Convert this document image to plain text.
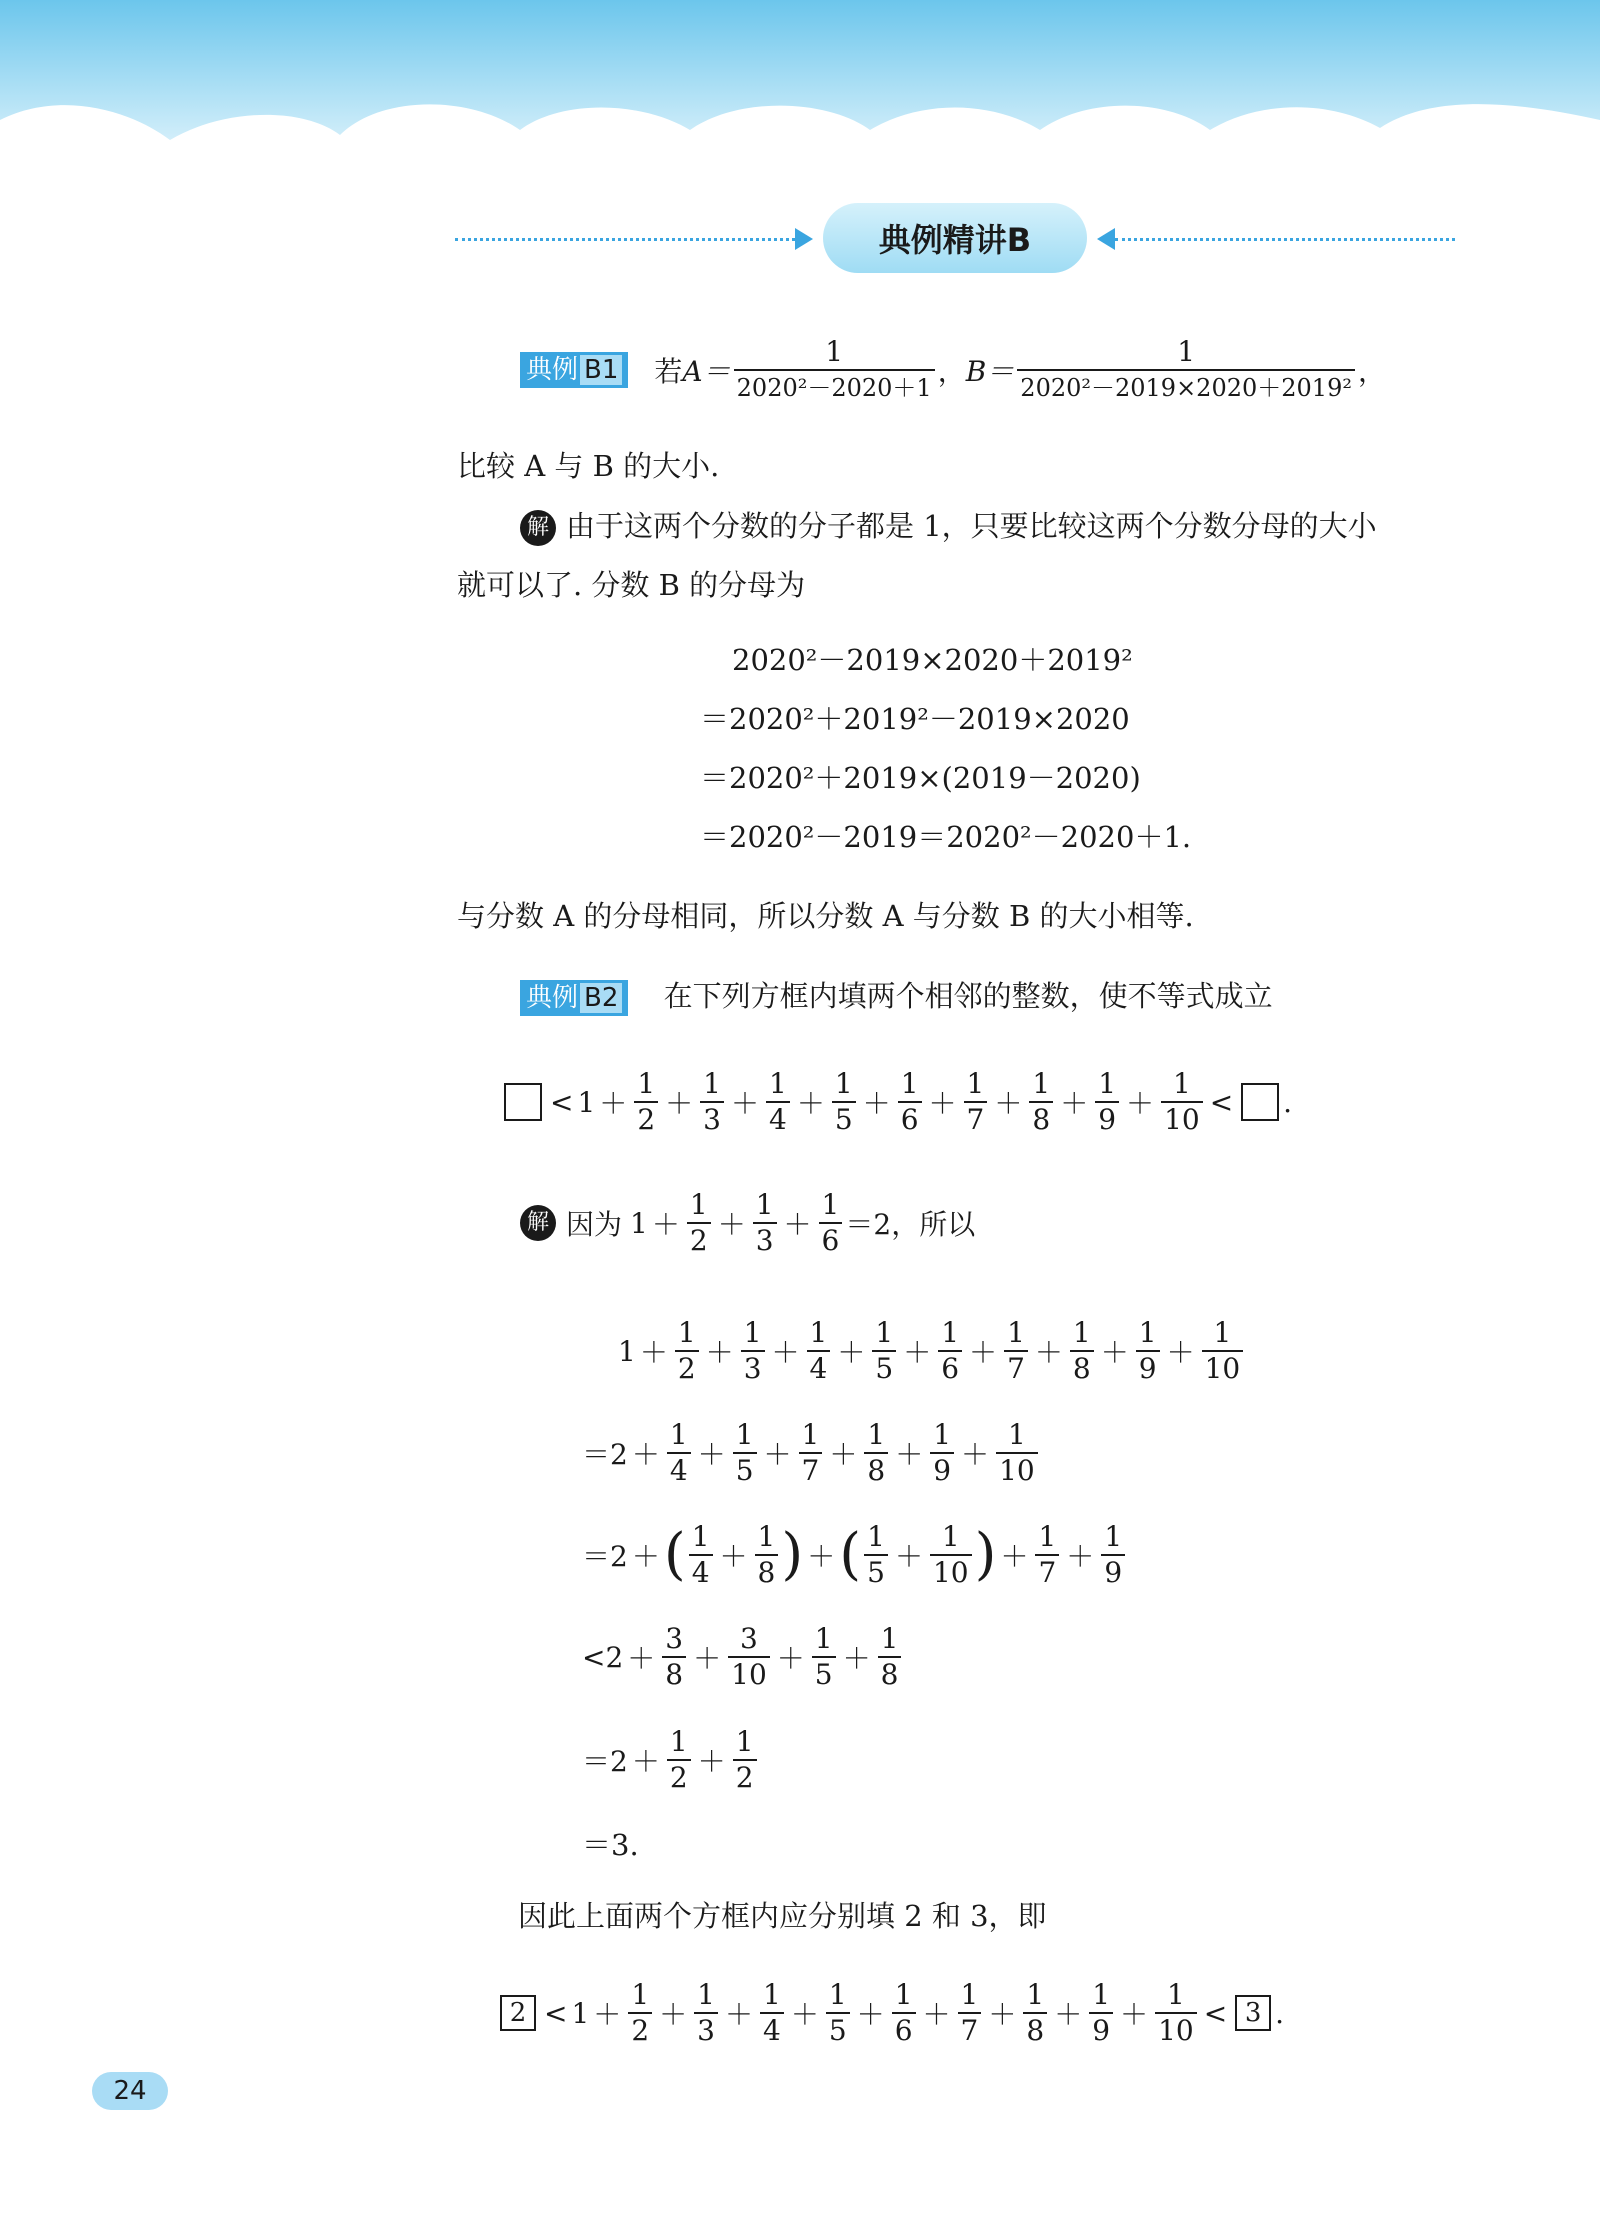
典例精讲B
典例 B1	若 $A= \frac{1}{\text{2020²－2020＋1}}$ ， $B= \frac{1}{\text{2020²－2019×2020＋2019²}}$ ，
比较 A 与 B 的大小.
解 由于这两个分数的分子都是 1，只要比较这两个分数分母的大小
就可以了. 分数 B 的分母为
2020²－2019×2020＋2019²
＝2020²＋2019²－2019×2020
＝2020²＋2019×(2019－2020)
＝2020²－2019＝2020²－2020＋1.
与分数 A 的分母相同，所以分数 A 与分数 B 的大小相等.
典例 B2 在下列方框内填两个相邻的整数，使不等式成立
< $1 + \frac{1}{2} + \frac{1}{3} + \frac{1}{4} + \frac{1}{5} + \frac{1}{6} + \frac{1}{7} + \frac{1}{8} + \frac{1}{9} + \frac{1}{10}$ < .
解 因为 $1 + \frac{1}{2} + \frac{1}{3} + \frac{1}{6} =2$，所以
$1 + \frac{1}{2} + \frac{1}{3} + \frac{1}{4} + \frac{1}{5} + \frac{1}{6} + \frac{1}{7} + \frac{1}{8} + \frac{1}{9} + \frac{1}{10}$
$=2 + \frac{1}{4} + \frac{1}{5} + \frac{1}{7} + \frac{1}{8} + \frac{1}{9} + \frac{1}{10}$
＝2 ＋ ( $\frac{1}{4} + \frac{1}{8}$ ) ＋ ( $\frac{1}{5} + \frac{1}{10}$ ) ＋ $\frac{1}{7} + \frac{1}{9}$
$<2 + \frac{3}{8} + \frac{3}{10} + \frac{1}{5} + \frac{1}{8}$
$=2 + \frac{1}{2} + \frac{1}{2}$
＝3.
因此上面两个方框内应分别填 2 和 3，即
$2 < 1 + \frac{1}{2} + \frac{1}{3} + \frac{1}{4} + \frac{1}{5} + \frac{1}{6} + \frac{1}{7} + \frac{1}{8} + \frac{1}{9} + \frac{1}{10} < 3$ .
24
